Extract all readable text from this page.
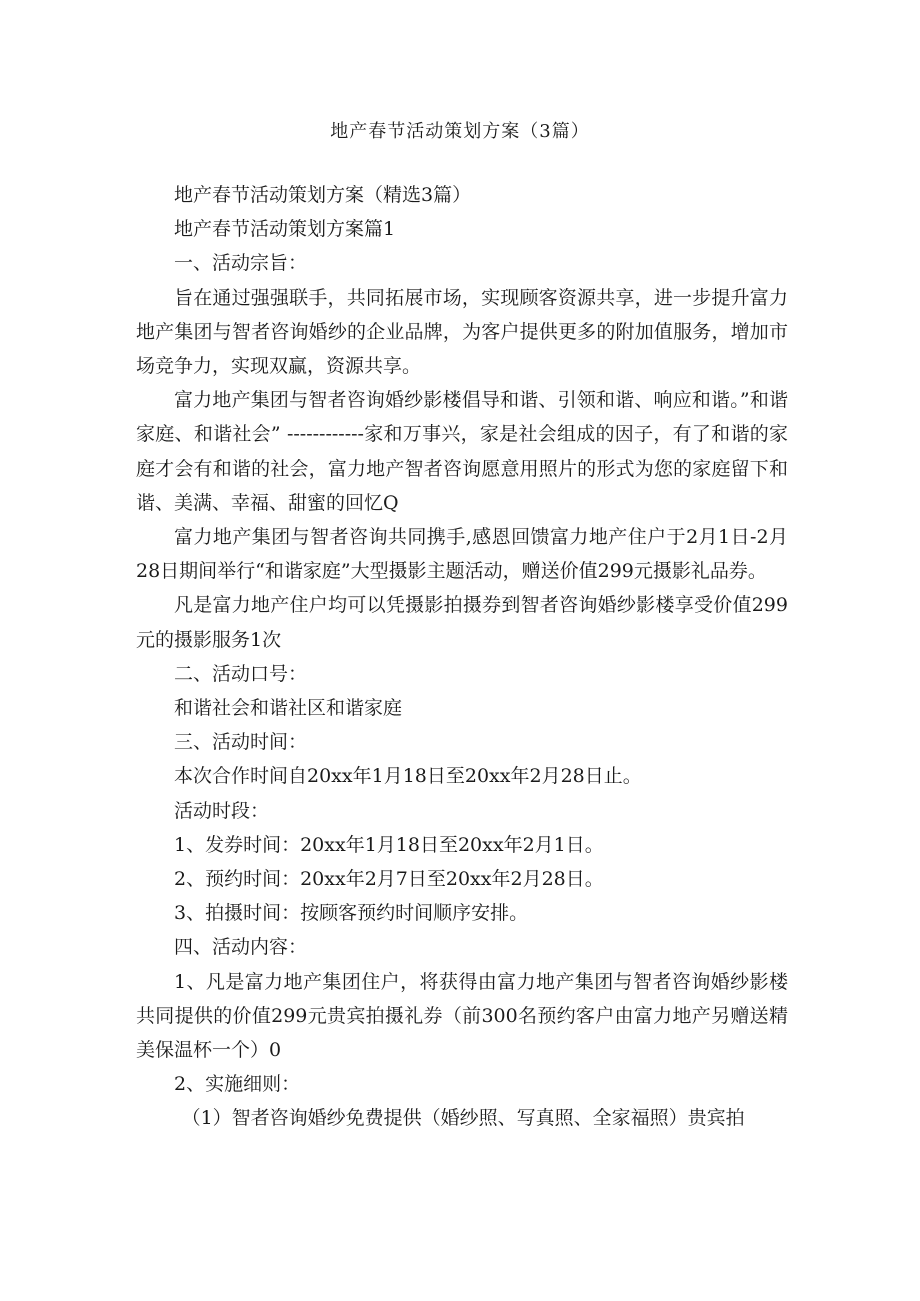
地产春节活动策划方案（3篇）

地产春节活动策划方案（精选3篇）

地产春节活动策划方案篇1

一、活动宗旨：

旨在通过强强联手，共同拓展市场，实现顾客资源共享，进一步提升富力地产集团与智者咨询婚纱的企业品牌，为客户提供更多的附加值服务，增加市场竞争力，实现双赢，资源共享。

富力地产集团与智者咨询婚纱影楼倡导和谐、引领和谐、响应和谐。”和谐家庭、和谐社会” ------------家和万事兴，家是社会组成的因子，有了和谐的家庭才会有和谐的社会，富力地产智者咨询愿意用照片的形式为您的家庭留下和谐、美满、幸福、甜蜜的回忆Q

富力地产集团与智者咨询共同携手,感恩回馈富力地产住户于2月1日-2月28日期间举行“和谐家庭”大型摄影主题活动，赠送价值299元摄影礼品券。

凡是富力地产住户均可以凭摄影拍摄券到智者咨询婚纱影楼享受价值299元的摄影服务1次

二、活动口号：

和谐社会和谐社区和谐家庭

三、活动时间：

本次合作时间自20xx年1月18日至20xx年2月28日止。

活动时段：

1、发券时间：20xx年1月18日至20xx年2月1日。

2、预约时间：20xx年2月7日至20xx年2月28日。

3、拍摄时间：按顾客预约时间顺序安排。

四、活动内容：

1、凡是富力地产集团住户，将获得由富力地产集团与智者咨询婚纱影楼共同提供的价值299元贵宾拍摄礼券（前300名预约客户由富力地产另赠送精美保温杯一个）0

2、实施细则：

（1）智者咨询婚纱免费提供（婚纱照、写真照、全家福照）贵宾拍
